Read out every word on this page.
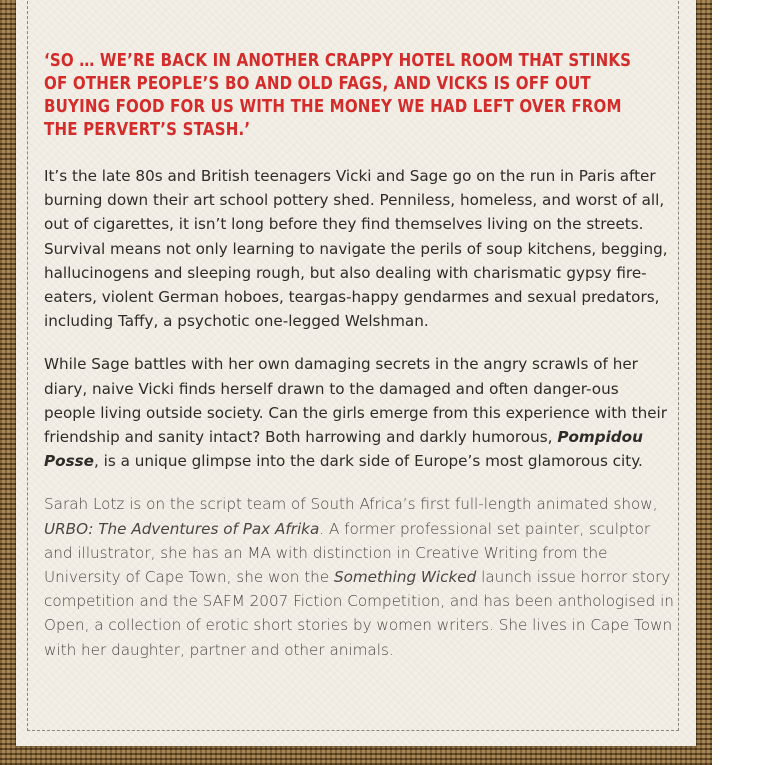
‘SO … WE’RE BACK IN ANOTHER CRAPPY HOTEL ROOM THAT STINKS OF OTHER PEOPLE’S BO AND OLD FAGS, AND VICKS IS OFF OUT BUYING FOOD FOR US WITH THE MONEY WE HAD LEFT OVER FROM THE PERVERT’S STASH.’

It’s the late 80s and British teenagers Vicki and Sage go on the run in Paris after burning down their art school pottery shed. Penniless, homeless, and worst of all, out of cigarettes, it isn’t long before they find themselves living on the streets. Survival means not only learning to navigate the perils of soup kitchens, begging, hallucinogens and sleeping rough, but also dealing with charismatic gypsy fire-eaters, violent German hoboes, teargas-happy gendarmes and sexual predators, including Taffy, a psychotic one-legged Welshman.

While Sage battles with her own damaging secrets in the angry scrawls of her diary, naive Vicki finds herself drawn to the damaged and often danger-ous people living outside society. Can the girls emerge from this experience with their friendship and sanity intact? Both harrowing and darkly humorous, Pompidou Posse, is a unique glimpse into the dark side of Europe’s most glamorous city.

Sarah Lotz is on the script team of South Africa’s first full-length animated show, URBO: The Adventures of Pax Afrika. A former professional set painter, sculptor and illustrator, she has an MA with distinction in Creative Writing from the University of Cape Town, she won the Something Wicked launch issue horror story competition and the SAFM 2007 Fiction Competition, and has been anthologised in Open, a collection of erotic short stories by women writers. She lives in Cape Town with her daughter, partner and other animals.
